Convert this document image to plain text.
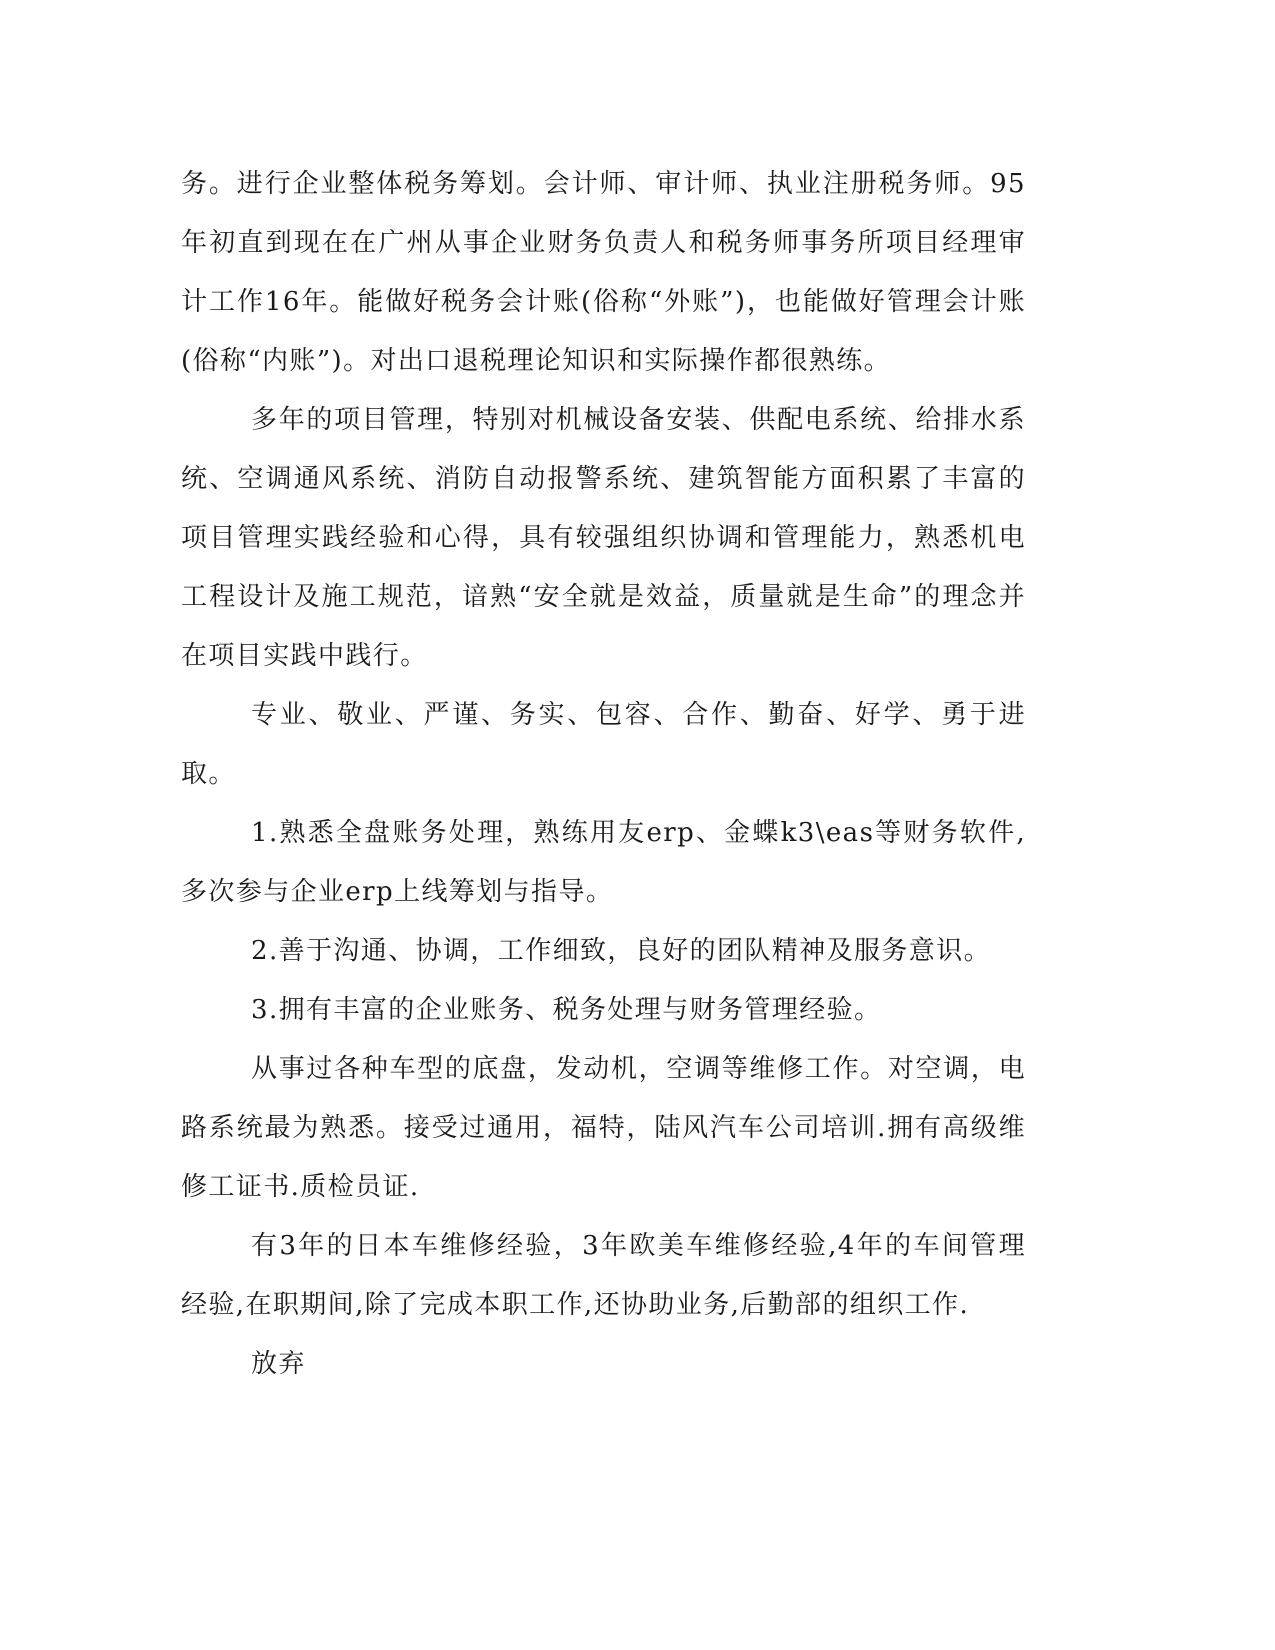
务。进行企业整体税务筹划。会计师、审计师、执业注册税务师。95年初直到现在在广州从事企业财务负责人和税务师事务所项目经理审计工作16年。能做好税务会计账(俗称“外账”)，也能做好管理会计账(俗称“内账”)。对出口退税理论知识和实际操作都很熟练。

多年的项目管理，特别对机械设备安装、供配电系统、给排水系统、空调通风系统、消防自动报警系统、建筑智能方面积累了丰富的项目管理实践经验和心得，具有较强组织协调和管理能力，熟悉机电工程设计及施工规范，谙熟“安全就是效益，质量就是生命”的理念并在项目实践中践行。

专业、敬业、严谨、务实、包容、合作、勤奋、好学、勇于进取。

1.熟悉全盘账务处理，熟练用友erp、金蝶k3\eas等财务软件,多次参与企业erp上线筹划与指导。

2.善于沟通、协调，工作细致，良好的团队精神及服务意识。

3.拥有丰富的企业账务、税务处理与财务管理经验。

从事过各种车型的底盘，发动机，空调等维修工作。对空调，电路系统最为熟悉。接受过通用，福特，陆风汽车公司培训.拥有高级维修工证书.质检员证.

有3年的日本车维修经验，3年欧美车维修经验,4年的车间管理经验,在职期间,除了完成本职工作,还协助业务,后勤部的组织工作.

放弃
